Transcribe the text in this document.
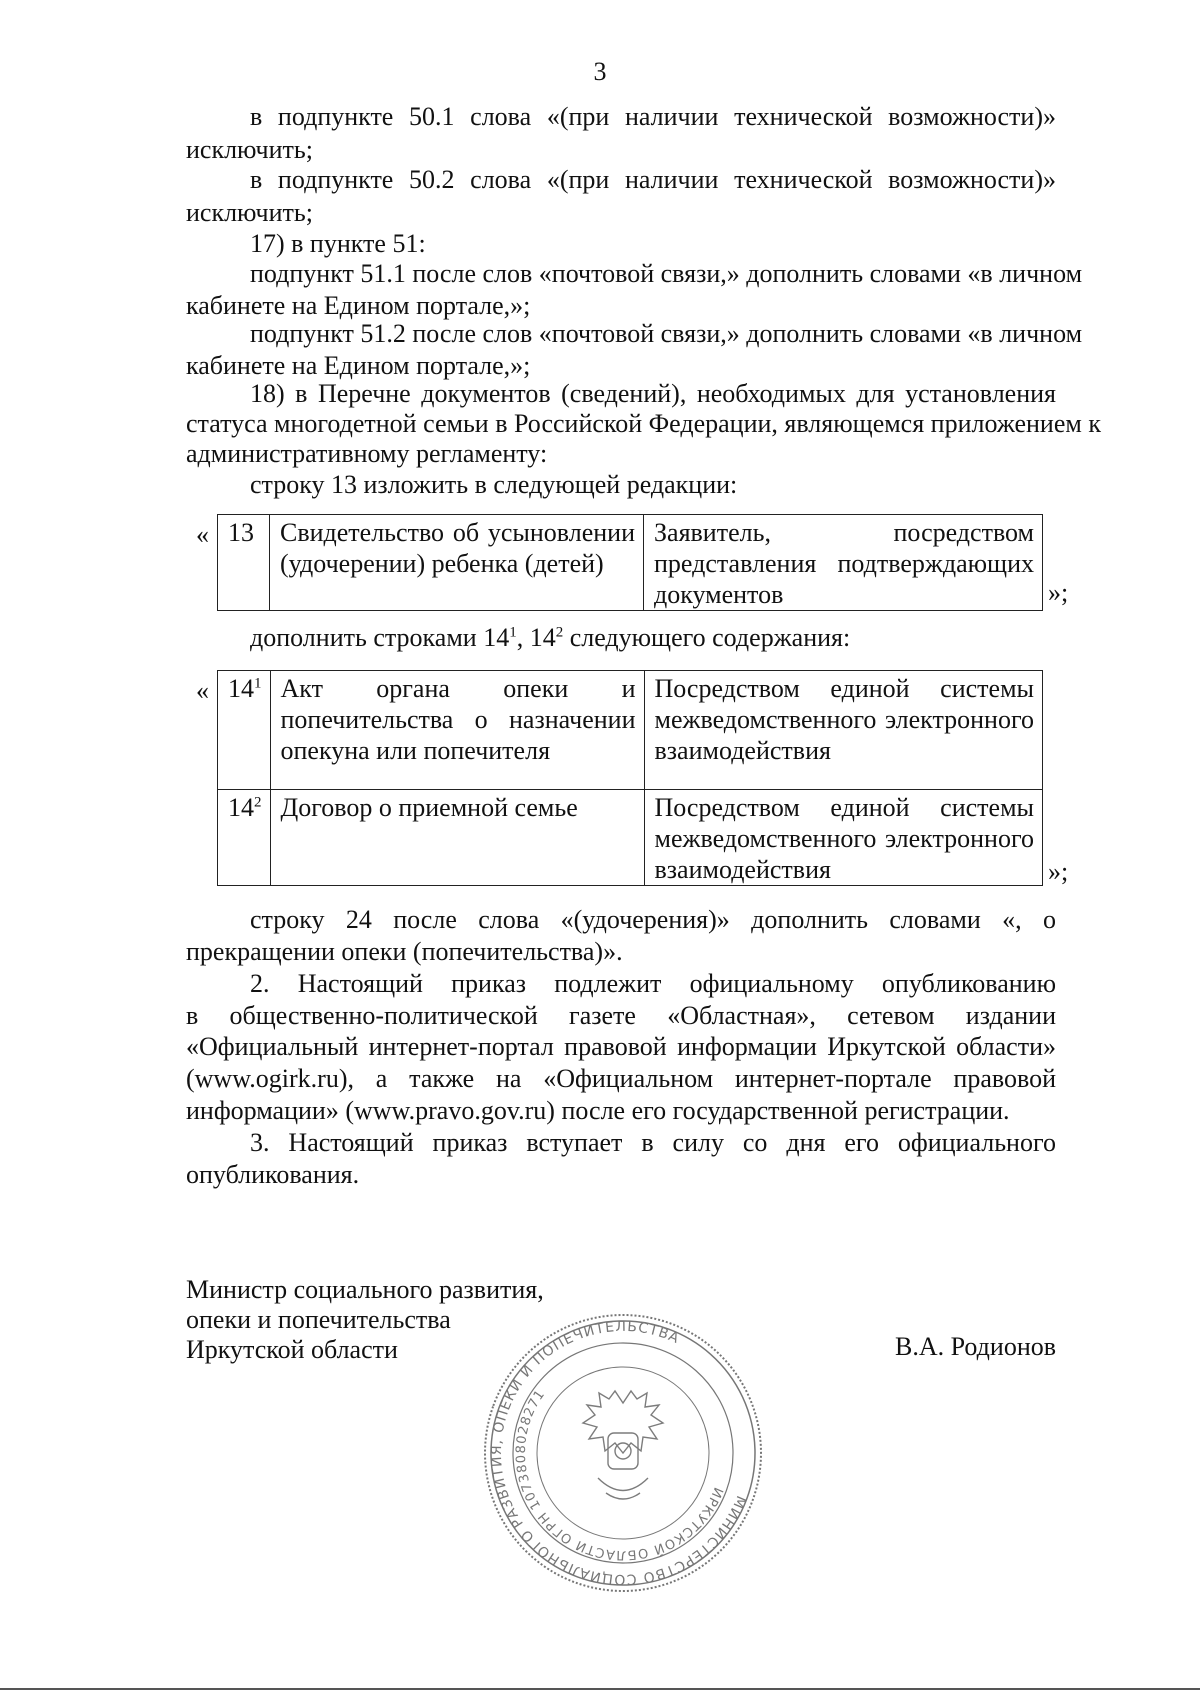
3
в подпункте 50.1 слова «(при наличии технической возможности)»
исключить;
в подпункте 50.2 слова «(при наличии технической возможности)»
исключить;
17) в пункте 51:
подпункт 51.1 после слов «почтовой связи,» дополнить словами «в личном
кабинете на Едином портале,»;
подпункт 51.2 после слов «почтовой связи,» дополнить словами «в личном
кабинете на Едином портале,»;
18) в Перечне документов (сведений), необходимых для установления
статуса многодетной семьи в Российской Федерации, являющемся приложением к
административному регламенту:
строку 13 изложить в следующей редакции:
« 13	Свидетельство об усыновлении (удочерении) ребенка (детей)	Заявитель, посредством представления подтверждающих документов	»;
дополнить строками $14^1$, $14^2$ следующего содержания:
« $14^1$	Акт органа опеки и попечительства о назначении опекуна или попечителя	Посредством единой системы межведомственного электронного взаимодействия
$14^2$	Договор о приемной семье	Посредством единой системы межведомственного электронного взаимодействия	»;
строку 24 после слова «(удочерения)» дополнить словами «, о
прекращении опеки (попечительства)».
2. Настоящий приказ подлежит официальному опубликованию
в общественно-политической газете «Областная», сетевом издании
«Официальный интернет-портал правовой информации Иркутской области»
(www.ogirk.ru), а также на «Официальном интернет-портале правовой
информации» (www.pravo.gov.ru) после его государственной регистрации.
3. Настоящий приказ вступает в силу со дня его официального
опубликования.
МИНИСТЕРСТВО СОЦИАЛЬНОГО РАЗВИТИЯ, ОПЕКИ И ПОПЕЧИТЕЛЬСТВА
ИРКУТСКОЙ ОБЛАСТИ ОГРН 1073808028271
Министр социального развития,
опеки и попечительства
Иркутской области	В.А. Родионов
